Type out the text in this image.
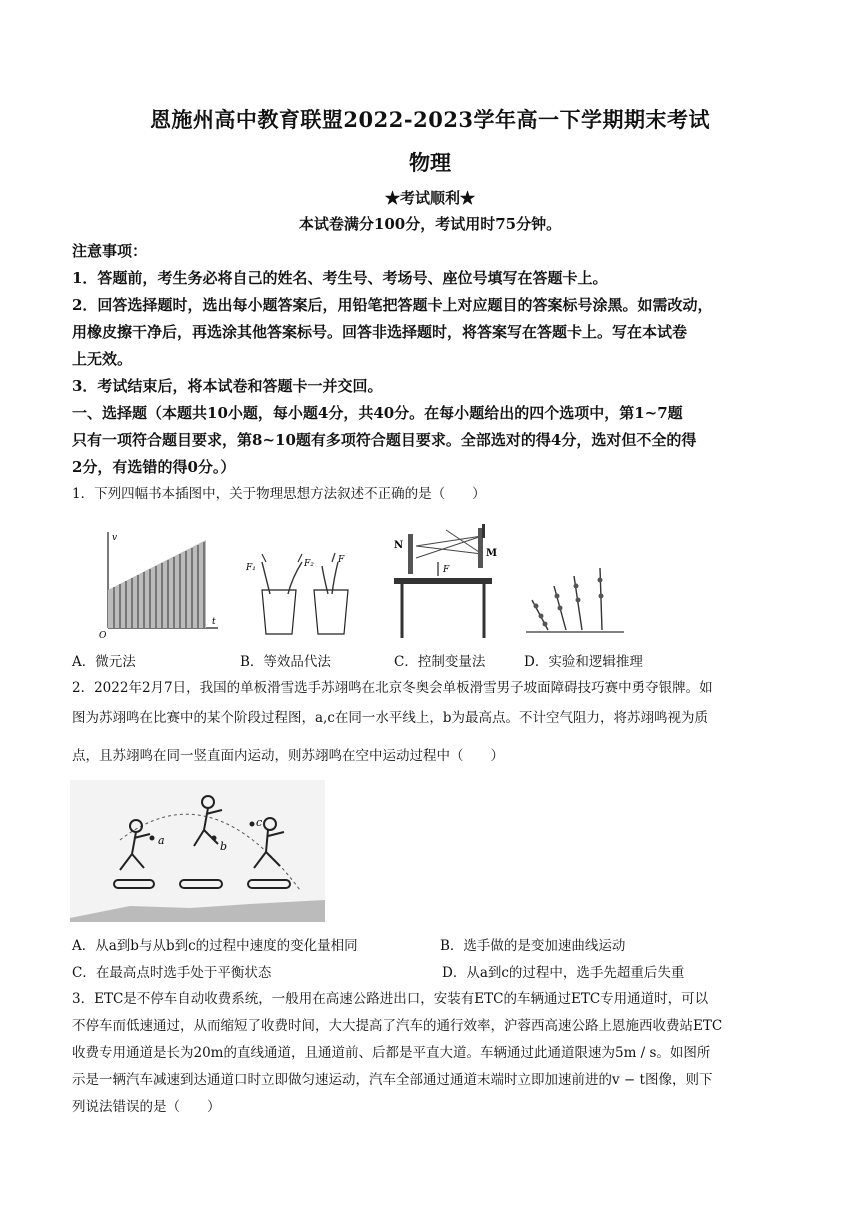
恩施州高中教育联盟2022-2023学年高一下学期期末考试
物理
★考试顺利★
本试卷满分100分，考试用时75分钟。
注意事项：
1．答题前，考生务必将自己的姓名、考生号、考场号、座位号填写在答题卡上。
2．回答选择题时，选出每小题答案后，用铅笔把答题卡上对应题目的答案标号涂黑。如需改动，
用橡皮擦干净后，再选涂其他答案标号。回答非选择题时，将答案写在答题卡上。写在本试卷
上无效。
3．考试结束后，将本试卷和答题卡一并交回。
一、选择题（本题共10小题，每小题4分，共40分。在每小题给出的四个选项中，第1~7题
只有一项符合题目要求，第8~10题有多项符合题目要求。全部选对的得4分，选对但不全的得
2分，有选错的得0分。）
1．下列四幅书本插图中，关于物理思想方法叙述不正确的是（　　）
v
O
t
F₁	F₂	F
N
M
F
A．微元法	B．等效品代法	C．控制变量法	D．实验和逻辑推理
2．2022年2月7日，我国的单板滑雪选手苏翊鸣在北京冬奥会单板滑雪男子坡面障碍技巧赛中勇夺银牌。如
图为苏翊鸣在比赛中的某个阶段过程图，a,c在同一水平线上，b为最高点。不计空气阻力，将苏翊鸣视为质
点，且苏翊鸣在同一竖直面内运动，则苏翊鸣在空中运动过程中（　　）
a	b
c
A．从a到b与从b到c的过程中速度的变化量相同	B．选手做的是变加速曲线运动
C．在最高点时选手处于平衡状态	D．从a到c的过程中，选手先超重后失重
3．ETC是不停车自动收费系统，一般用在高速公路进出口，安装有ETC的车辆通过ETC专用通道时，可以
不停车而低速通过，从而缩短了收费时间，大大提高了汽车的通行效率，沪蓉西高速公路上恩施西收费站ETC
收费专用通道是长为20m的直线通道，且通道前、后都是平直大道。车辆通过此通道限速为5m / s。如图所
示是一辆汽车减速到达通道口时立即做匀速运动，汽车全部通过通道末端时立即加速前进的v − t图像，则下
列说法错误的是（　　）
